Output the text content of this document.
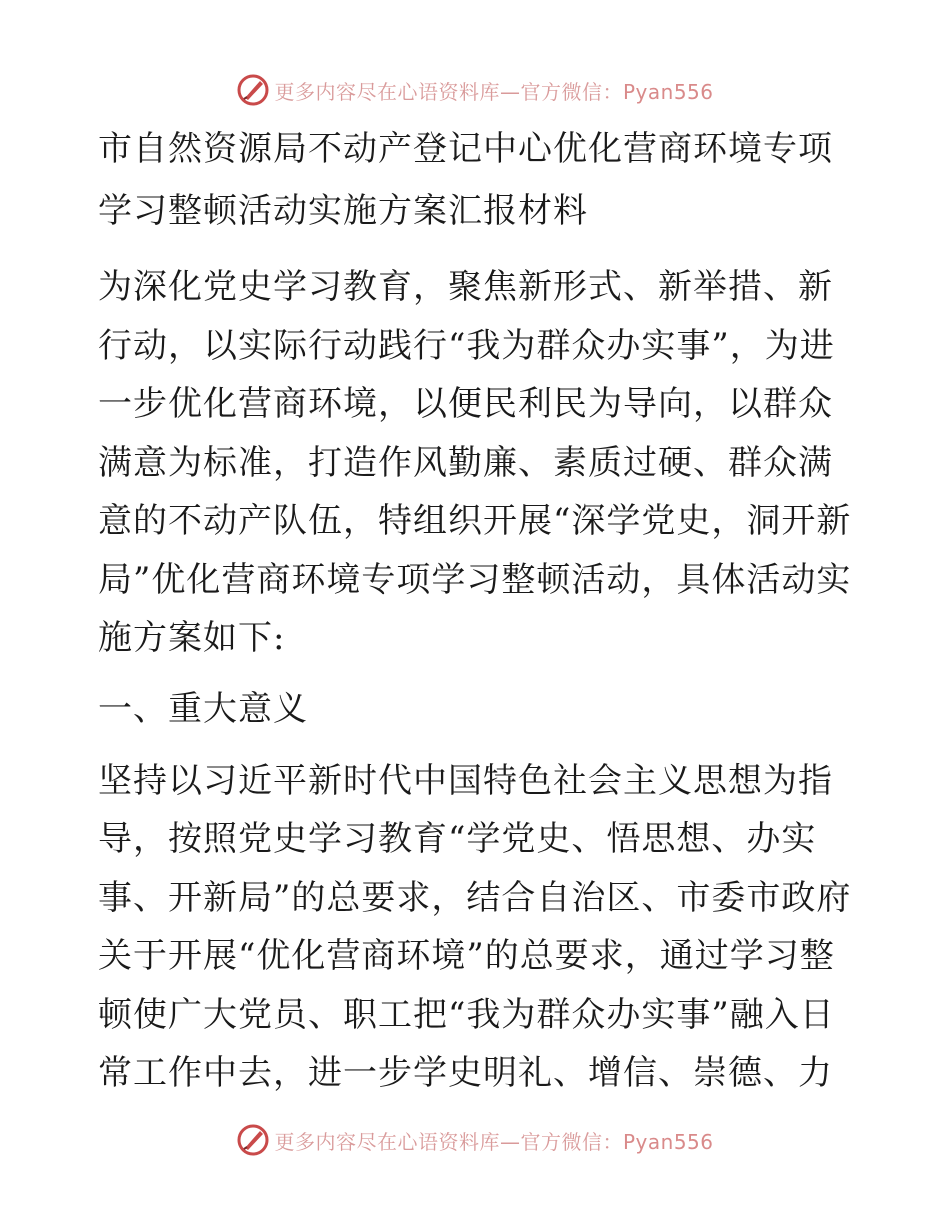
更多内容尽在心语资料库—官方微信：Pyan556
市自然资源局不动产登记中心优化营商环境专项学习整顿活动实施方案汇报材料

为深化党史学习教育，聚焦新形式、新举措、新行动，以实际行动践行“我为群众办实事”，为进一步优化营商环境，以便民利民为导向，以群众满意为标准，打造作风勤廉、素质过硬、群众满意的不动产队伍，特组织开展“深学党史，洞开新局”优化营商环境专项学习整顿活动，具体活动实施方案如下:

一、重大意义

坚持以习近平新时代中国特色社会主义思想为指导，按照党史学习教育“学党史、悟思想、办实事、开新局”的总要求，结合自治区、市委市政府关于开展“优化营商环境”的总要求，通过学习整顿使广大党员、职工把“我为群众办实事”融入日常工作中去，进一步学史明礼、增信、崇德、力

更多内容尽在心语资料库—官方微信：Pyan556
